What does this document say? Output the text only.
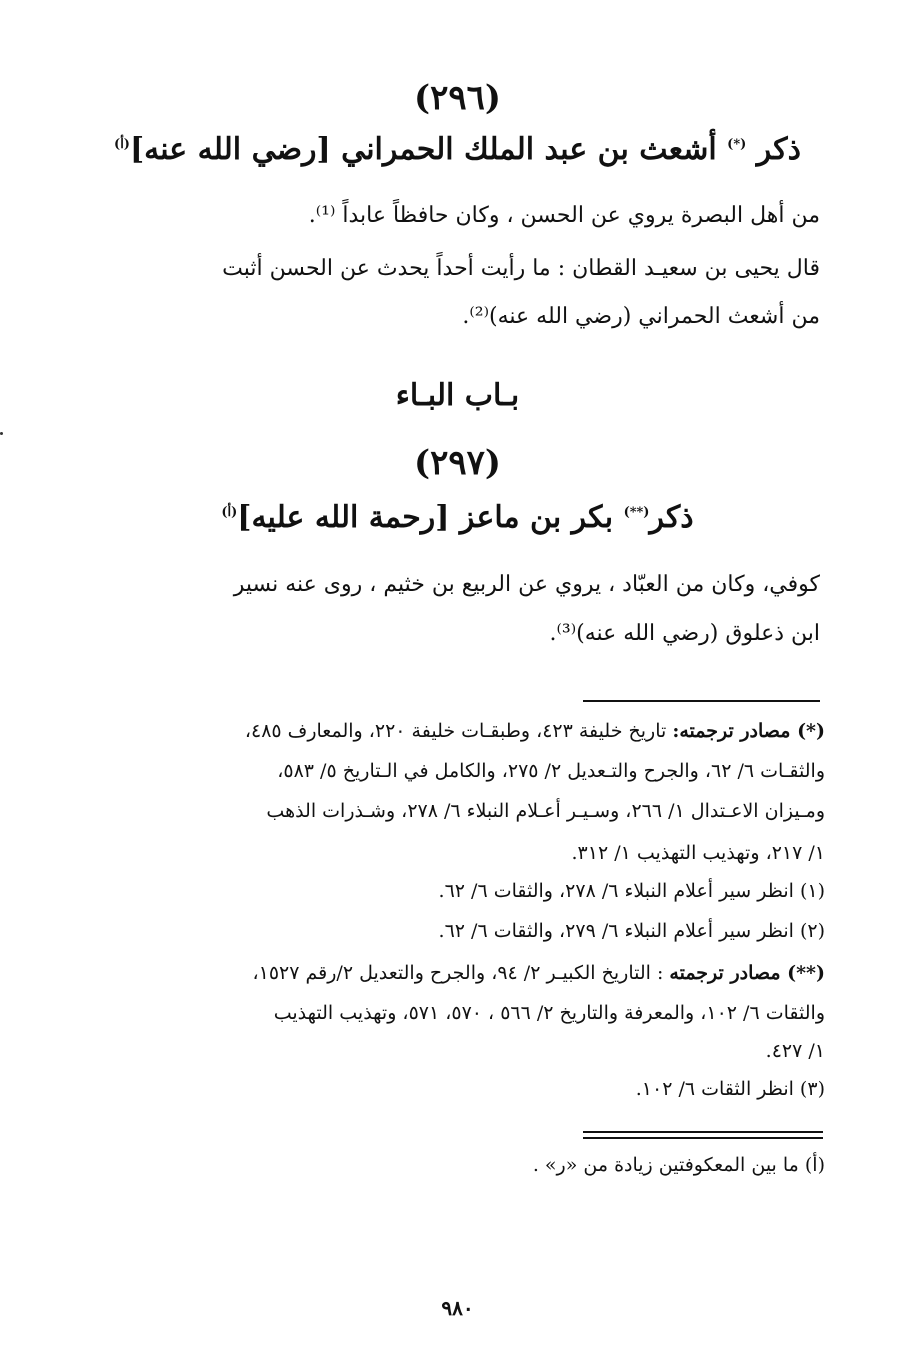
(٢٩٦)
ذكر (*) أشعث بن عبد الملك الحمراني [رضي الله عنه]$^{(أ)}$
من أهل البصرة يروي عن الحسن ، وكان حافظاً عابداً ⁽¹⁾.
قال يحيى بن سعيـد القطان : ما رأيت أحداً يحدث عن الحسن أثبت
من أشعث الحمراني (رضي الله عنه)⁽²⁾.
بـاب البـاء
(٢٩٧)
ذكر(**) بكر بن ماعز [رحمة الله عليه]$^{(أ)}$
كوفي، وكان من العبّاد ، يروي عن الربيع بن خثيم ، روى عنه نسير
ابن ذعلوق (رضي الله عنه)⁽³⁾.
(*) مصادر ترجمته: تاريخ خليفة ٤٢٣، وطبقـات خليفة ٢٢٠، والمعارف ٤٨٥،
والثقـات ٦/ ٦٢، والجرح والتـعديل ٢/ ٢٧٥، والكامل في الـتاريخ ٥/ ٥٨٣،
ومـيزان الاعـتدال ١/ ٢٦٦، وسـيـر أعـلام النبلاء ٦/ ٢٧٨، وشـذرات الذهب
١/ ٢١٧، وتهذيب التهذيب ١/ ٣١٢.
(١) انظر سير أعلام النبلاء ٦/ ٢٧٨، والثقات ٦/ ٦٢.
(٢) انظر سير أعلام النبلاء ٦/ ٢٧٩، والثقات ٦/ ٦٢.
(**) مصادر ترجمته : التاريخ الكبيـر ٢/ ٩٤، والجرح والتعديل ٢/رقم ١٥٢٧،
والثقات ٦/ ١٠٢، والمعرفة والتاريخ ٢/ ٥٦٦ ، ٥٧٠، ٥٧١، وتهذيب التهذيب
١/ ٤٢٧.
(٣) انظر الثقات ٦/ ١٠٢.
(أ) ما بين المعكوفتين زيادة من «ر» .
٩٨٠
